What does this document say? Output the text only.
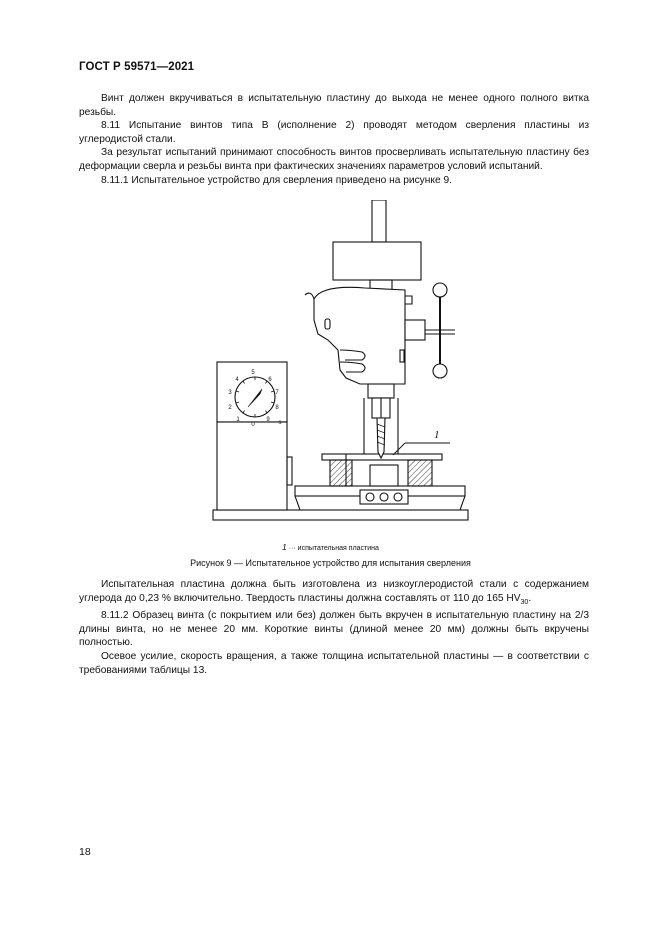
ГОСТ Р 59571—2021

Винт должен вкручиваться в испытательную пластину до выхода не менее одного полного витка резьбы.

8.11 Испытание винтов типа В (исполнение 2) проводят методом сверления пластины из углеродистой стали.

За результат испытаний принимают способность винтов просверливать испытательную пластину без деформации сверла и резьбы винта при фактических значениях параметров условий испытаний.

8.11.1 Испытательное устройство для сверления приведено на рисунке 9.

1
0
1
2
3
4
5
6
7
8
9 s
1 ··· испытательная пластина
Рисунок 9 — Испытательное устройство для испытания сверления

Испытательная пластина должна быть изготовлена из низкоуглеродистой стали с содержанием углерода до 0,23 % включительно. Твердость пластины должна составлять от 110 до 165 $HV_{30}$.

8.11.2 Образец винта (с покрытием или без) должен быть вкручен в испытательную пластину на 2/3 длины винта, но не менее 20 мм. Короткие винты (длиной менее 20 мм) должны быть вкручены полностью.

Осевое усилие, скорость вращения, а также толщина испытательной пластины — в соответствии с требованиями таблицы 13.

18
